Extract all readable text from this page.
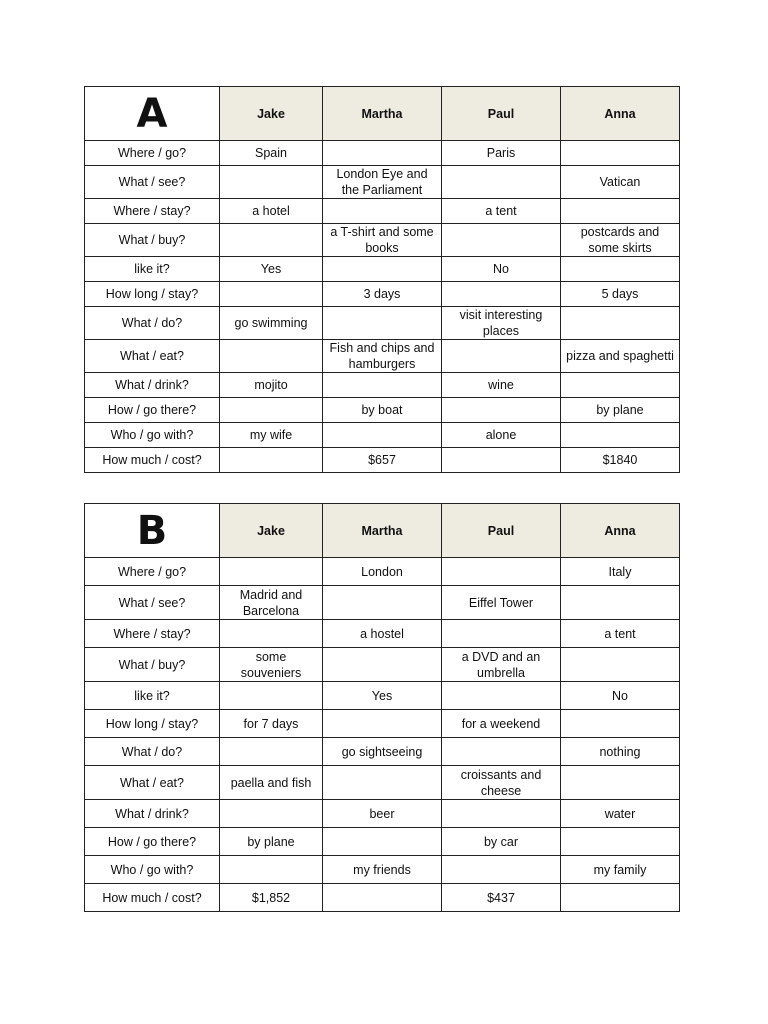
A	Jake	Martha	Paul	Anna
Where / go?	Spain		Paris	
What / see?		London Eye and the Parliament		Vatican
Where / stay?	a hotel		a tent	
What / buy?		a T-shirt and some books		postcards and some skirts
like it?	Yes		No	
How long / stay?		3 days		5 days
What / do?	go swimming		visit interesting places	
What / eat?		Fish and chips and hamburgers		pizza and spaghetti
What / drink?	mojito		wine	
How / go there?		by boat		by plane
Who / go with?	my wife		alone	
How much / cost?		$657		$1840
B	Jake	Martha	Paul	Anna
Where / go?		London		Italy
What / see?	Madrid and Barcelona		Eiffel Tower	
Where / stay?		a hostel		a tent
What / buy?	some souveniers		a DVD and an umbrella	
like it?		Yes		No
How long / stay?	for 7 days		for a weekend	
What / do?		go sightseeing		nothing
What / eat?	paella and fish		croissants and cheese	
What / drink?		beer		water
How / go there?	by plane		by car	
Who / go with?		my friends		my family
How much / cost?	$1,852		$437	
